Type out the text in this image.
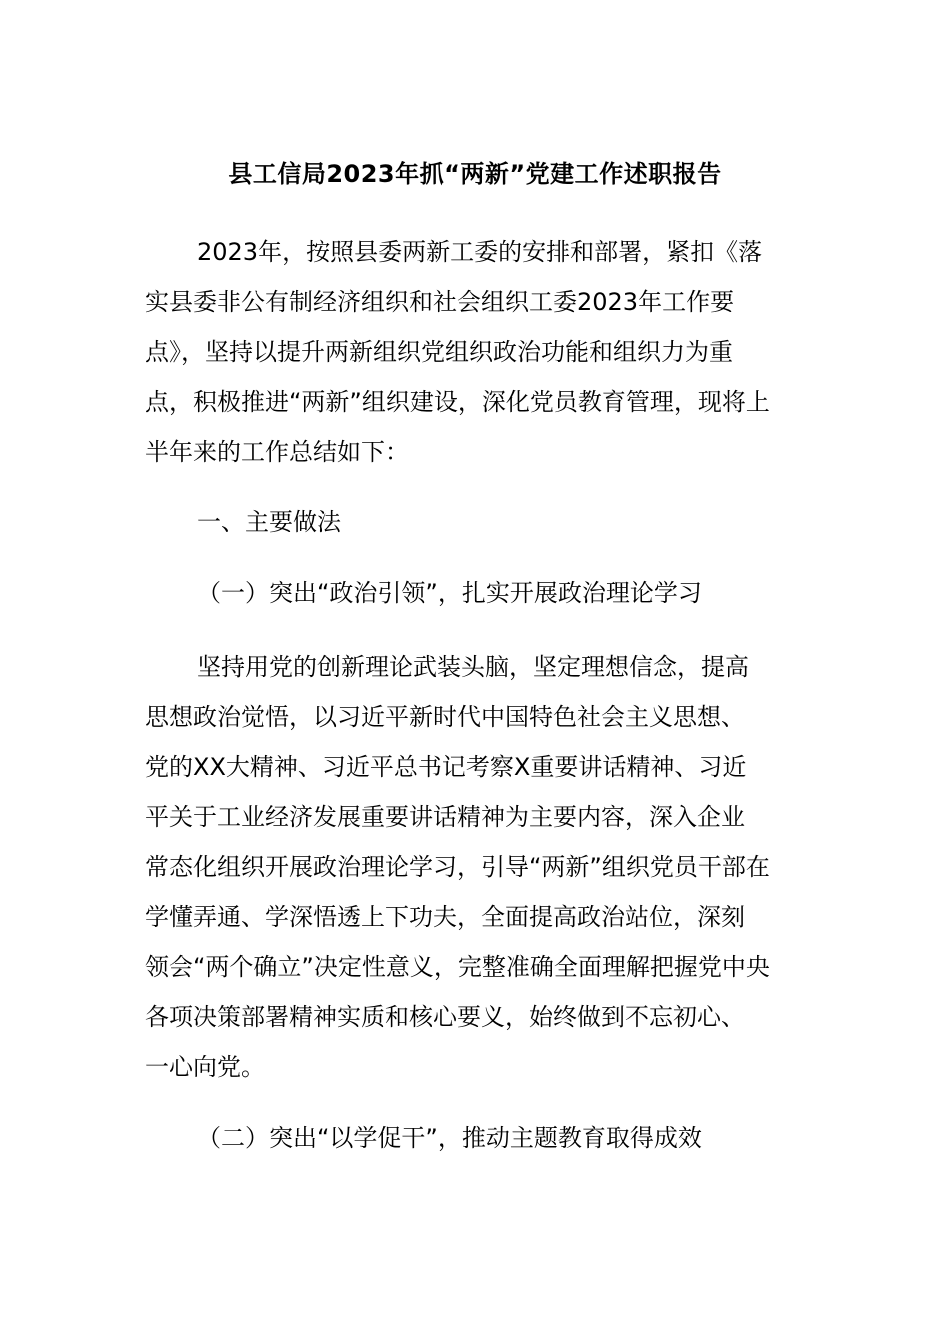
县工信局2023年抓“两新”党建工作述职报告
2023年，按照县委两新工委的安排和部署，紧扣《落
实县委非公有制经济组织和社会组织工委2023年工作要
点》，坚持以提升两新组织党组织政治功能和组织力为重
点，积极推进“两新”组织建设，深化党员教育管理，现将上
半年来的工作总结如下：
一、主要做法
（一）突出“政治引领”，扎实开展政治理论学习
坚持用党的创新理论武装头脑，坚定理想信念，提高
思想政治觉悟，以习近平新时代中国特色社会主义思想、
党的XX大精神、习近平总书记考察X重要讲话精神、习近
平关于工业经济发展重要讲话精神为主要内容，深入企业
常态化组织开展政治理论学习，引导“两新”组织党员干部在
学懂弄通、学深悟透上下功夫，全面提高政治站位，深刻
领会“两个确立”决定性意义，完整准确全面理解把握党中央
各项决策部署精神实质和核心要义，始终做到不忘初心、
一心向党。
（二）突出“以学促干”，推动主题教育取得成效
